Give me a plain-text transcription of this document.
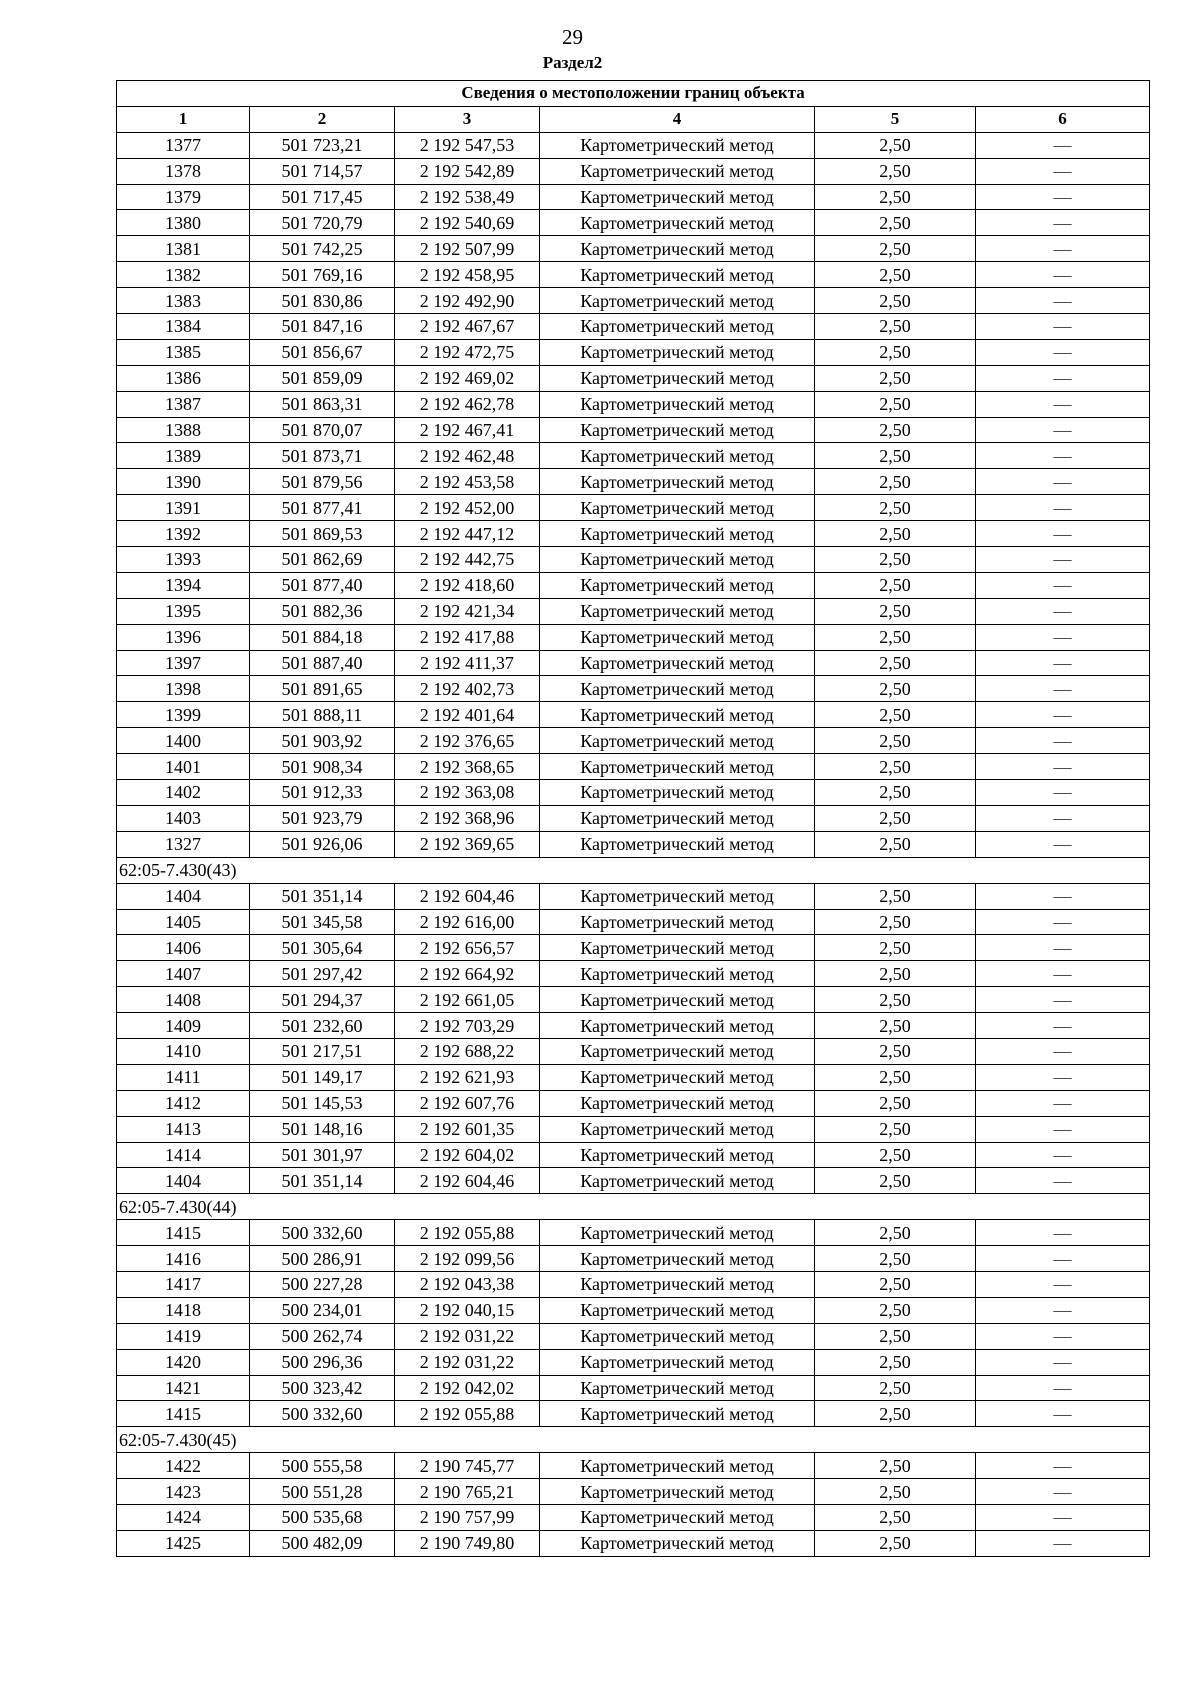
29
Раздел2
Сведения о местоположении границ объекта					
1	2	3	4	5	6
1377	501 723,21	2 192 547,53	Картометрический метод	2,50	—
1378	501 714,57	2 192 542,89	Картометрический метод	2,50	—
1379	501 717,45	2 192 538,49	Картометрический метод	2,50	—
1380	501 720,79	2 192 540,69	Картометрический метод	2,50	—
1381	501 742,25	2 192 507,99	Картометрический метод	2,50	—
1382	501 769,16	2 192 458,95	Картометрический метод	2,50	—
1383	501 830,86	2 192 492,90	Картометрический метод	2,50	—
1384	501 847,16	2 192 467,67	Картометрический метод	2,50	—
1385	501 856,67	2 192 472,75	Картометрический метод	2,50	—
1386	501 859,09	2 192 469,02	Картометрический метод	2,50	—
1387	501 863,31	2 192 462,78	Картометрический метод	2,50	—
1388	501 870,07	2 192 467,41	Картометрический метод	2,50	—
1389	501 873,71	2 192 462,48	Картометрический метод	2,50	—
1390	501 879,56	2 192 453,58	Картометрический метод	2,50	—
1391	501 877,41	2 192 452,00	Картометрический метод	2,50	—
1392	501 869,53	2 192 447,12	Картометрический метод	2,50	—
1393	501 862,69	2 192 442,75	Картометрический метод	2,50	—
1394	501 877,40	2 192 418,60	Картометрический метод	2,50	—
1395	501 882,36	2 192 421,34	Картометрический метод	2,50	—
1396	501 884,18	2 192 417,88	Картометрический метод	2,50	—
1397	501 887,40	2 192 411,37	Картометрический метод	2,50	—
1398	501 891,65	2 192 402,73	Картометрический метод	2,50	—
1399	501 888,11	2 192 401,64	Картометрический метод	2,50	—
1400	501 903,92	2 192 376,65	Картометрический метод	2,50	—
1401	501 908,34	2 192 368,65	Картометрический метод	2,50	—
1402	501 912,33	2 192 363,08	Картометрический метод	2,50	—
1403	501 923,79	2 192 368,96	Картометрический метод	2,50	—
1327	501 926,06	2 192 369,65	Картометрический метод	2,50	—
62:05-7.430(43)					
1404	501 351,14	2 192 604,46	Картометрический метод	2,50	—
1405	501 345,58	2 192 616,00	Картометрический метод	2,50	—
1406	501 305,64	2 192 656,57	Картометрический метод	2,50	—
1407	501 297,42	2 192 664,92	Картометрический метод	2,50	—
1408	501 294,37	2 192 661,05	Картометрический метод	2,50	—
1409	501 232,60	2 192 703,29	Картометрический метод	2,50	—
1410	501 217,51	2 192 688,22	Картометрический метод	2,50	—
1411	501 149,17	2 192 621,93	Картометрический метод	2,50	—
1412	501 145,53	2 192 607,76	Картометрический метод	2,50	—
1413	501 148,16	2 192 601,35	Картометрический метод	2,50	—
1414	501 301,97	2 192 604,02	Картометрический метод	2,50	—
1404	501 351,14	2 192 604,46	Картометрический метод	2,50	—
62:05-7.430(44)					
1415	500 332,60	2 192 055,88	Картометрический метод	2,50	—
1416	500 286,91	2 192 099,56	Картометрический метод	2,50	—
1417	500 227,28	2 192 043,38	Картометрический метод	2,50	—
1418	500 234,01	2 192 040,15	Картометрический метод	2,50	—
1419	500 262,74	2 192 031,22	Картометрический метод	2,50	—
1420	500 296,36	2 192 031,22	Картометрический метод	2,50	—
1421	500 323,42	2 192 042,02	Картометрический метод	2,50	—
1415	500 332,60	2 192 055,88	Картометрический метод	2,50	—
62:05-7.430(45)					
1422	500 555,58	2 190 745,77	Картометрический метод	2,50	—
1423	500 551,28	2 190 765,21	Картометрический метод	2,50	—
1424	500 535,68	2 190 757,99	Картометрический метод	2,50	—
1425	500 482,09	2 190 749,80	Картометрический метод	2,50	—
